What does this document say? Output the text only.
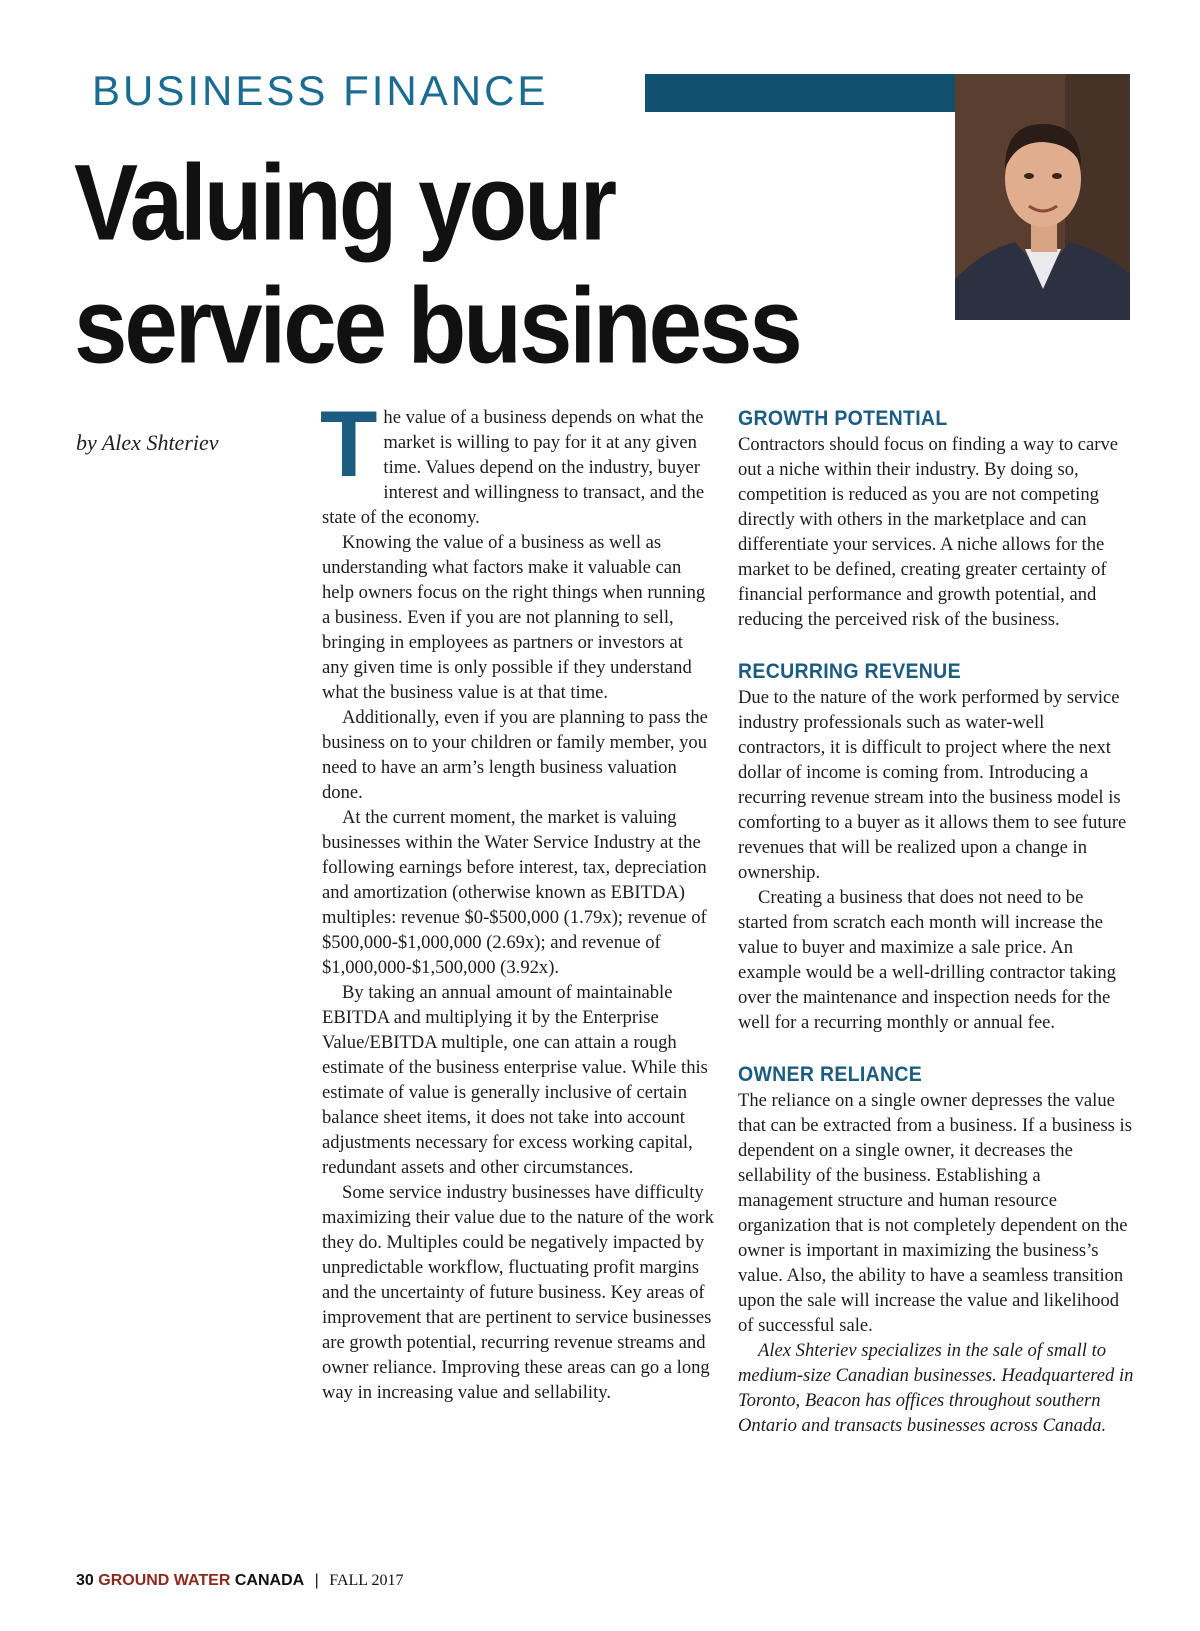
BUSINESS FINANCE
Valuing your
service business
by Alex Shteriev The value of a business depends on what the market is willing to pay for it at any given time. Values depend on the industry, buyer interest and willingness to transact, and the state of the economy.

Knowing the value of a business as well as understanding what factors make it valuable can help owners focus on the right things when running a business. Even if you are not planning to sell, bringing in employees as partners or investors at any given time is only possible if they understand what the business value is at that time.

Additionally, even if you are planning to pass the business on to your children or family member, you need to have an arm’s length business valuation done.

At the current moment, the market is valuing businesses within the Water Service Industry at the following earnings before interest, tax, depreciation and amortization (otherwise known as EBITDA) multiples: revenue $0-$500,000 (1.79x); revenue of $500,000-$1,000,000 (2.69x); and revenue of $1,000,000-$1,500,000 (3.92x).

By taking an annual amount of maintainable EBITDA and multiplying it by the Enterprise Value/EBITDA multiple, one can attain a rough estimate of the business enterprise value. While this estimate of value is generally inclusive of certain balance sheet items, it does not take into account adjustments necessary for excess working capital, redundant assets and other circumstances.

Some service industry businesses have difficulty maximizing their value due to the nature of the work they do. Multiples could be negatively impacted by unpredictable workflow, fluctuating profit margins and the uncertainty of future business. Key areas of improvement that are pertinent to service businesses are growth potential, recurring revenue streams and owner reliance. Improving these areas can go a long way in increasing value and sellability.

GROWTH POTENTIAL

Contractors should focus on finding a way to carve out a niche within their industry. By doing so, competition is reduced as you are not competing directly with others in the marketplace and can differentiate your services. A niche allows for the market to be defined, creating greater certainty of financial performance and growth potential, and reducing the perceived risk of the business.

RECURRING REVENUE

Due to the nature of the work performed by service industry professionals such as water-well contractors, it is difficult to project where the next dollar of income is coming from. Introducing a recurring revenue stream into the business model is comforting to a buyer as it allows them to see future revenues that will be realized upon a change in ownership.

Creating a business that does not need to be started from scratch each month will increase the value to buyer and maximize a sale price. An example would be a well-drilling contractor taking over the maintenance and inspection needs for the well for a recurring monthly or annual fee.

OWNER RELIANCE

The reliance on a single owner depresses the value that can be extracted from a business. If a business is dependent on a single owner, it decreases the sellability of the business. Establishing a management structure and human resource organization that is not completely dependent on the owner is important in maximizing the business’s value. Also, the ability to have a seamless transition upon the sale will increase the value and likelihood of successful sale.

Alex Shteriev specializes in the sale of small to medium-size Canadian businesses. Headquartered in Toronto, Beacon has offices throughout southern Ontario and transacts businesses across Canada.

30 GROUND WATER CANADA | FALL 2017
